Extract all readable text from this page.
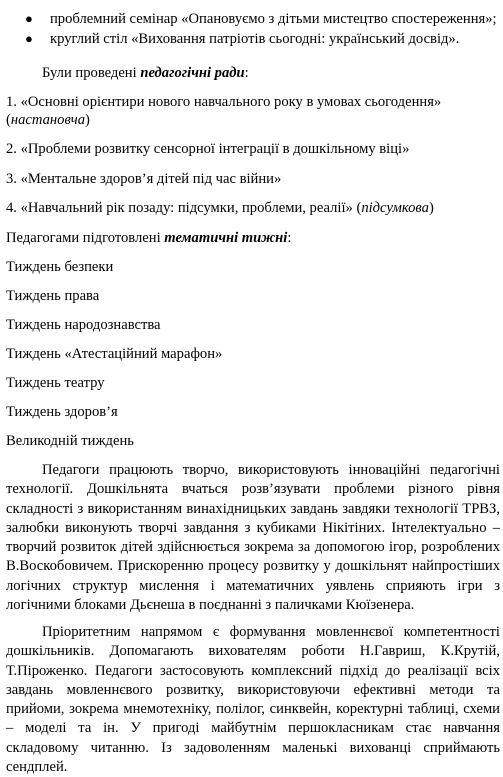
● проблемний семінар «Опановуємо з дітьми мистецтво спостереження»;
● круглий стіл «Виховання патріотів сьогодні: український досвід».
Були проведені педагогічні ради:
1. «Основні орієнтири нового навчального року в умовах сьогодення»
(настановча)
2. «Проблеми розвитку сенсорної інтеграції в дошкільному віці»
3. «Ментальне здоров’я дітей під час війни»
4. «Навчальний рік позаду: підсумки, проблеми, реалії» (підсумкова)
Педагогами підготовлені тематичні тижні:
Тиждень безпеки
Тиждень права
Тиждень народознавства
Тиждень «Атестаційний марафон»
Тиждень театру
Тиждень здоров’я
Великодній тиждень
Педагоги працюють творчо, використовують інноваційні педагогічні технології. Дошкільнята вчаться розв’язувати проблеми різного рівня складності з використанням винахідницьких завдань завдяки технології ТРВЗ, залюбки виконують творчі завдання з кубиками Нікітіних. Інтелектуально – творчий розвиток дітей здійснюється зокрема за допомогою ігор, розроблених В.Воскобовичем. Прискоренню процесу розвитку у дошкільнят найпростіших логічних структур мислення і математичних уявлень сприяють ігри з логічними блоками Дьєнеша в поєднанні з паличками Кюїзенера.
Пріоритетним напрямом є формування мовленнєвої компетентності дошкільників. Допомагають вихователям роботи Н.Гавриш, К.Крутій, Т.Піроженко. Педагоги застосовують комплексний підхід до реалізації всіх завдань мовленнєвого розвитку, використовуючи ефективні методи та прийоми, зокрема мнемотехніку, полілог, синквейн, коректурні таблиці, схеми – моделі та ін. У пригоді майбутнім першокласникам стає навчання складовому читанню. Із задоволенням маленькі вихованці сприймають сендплей.
